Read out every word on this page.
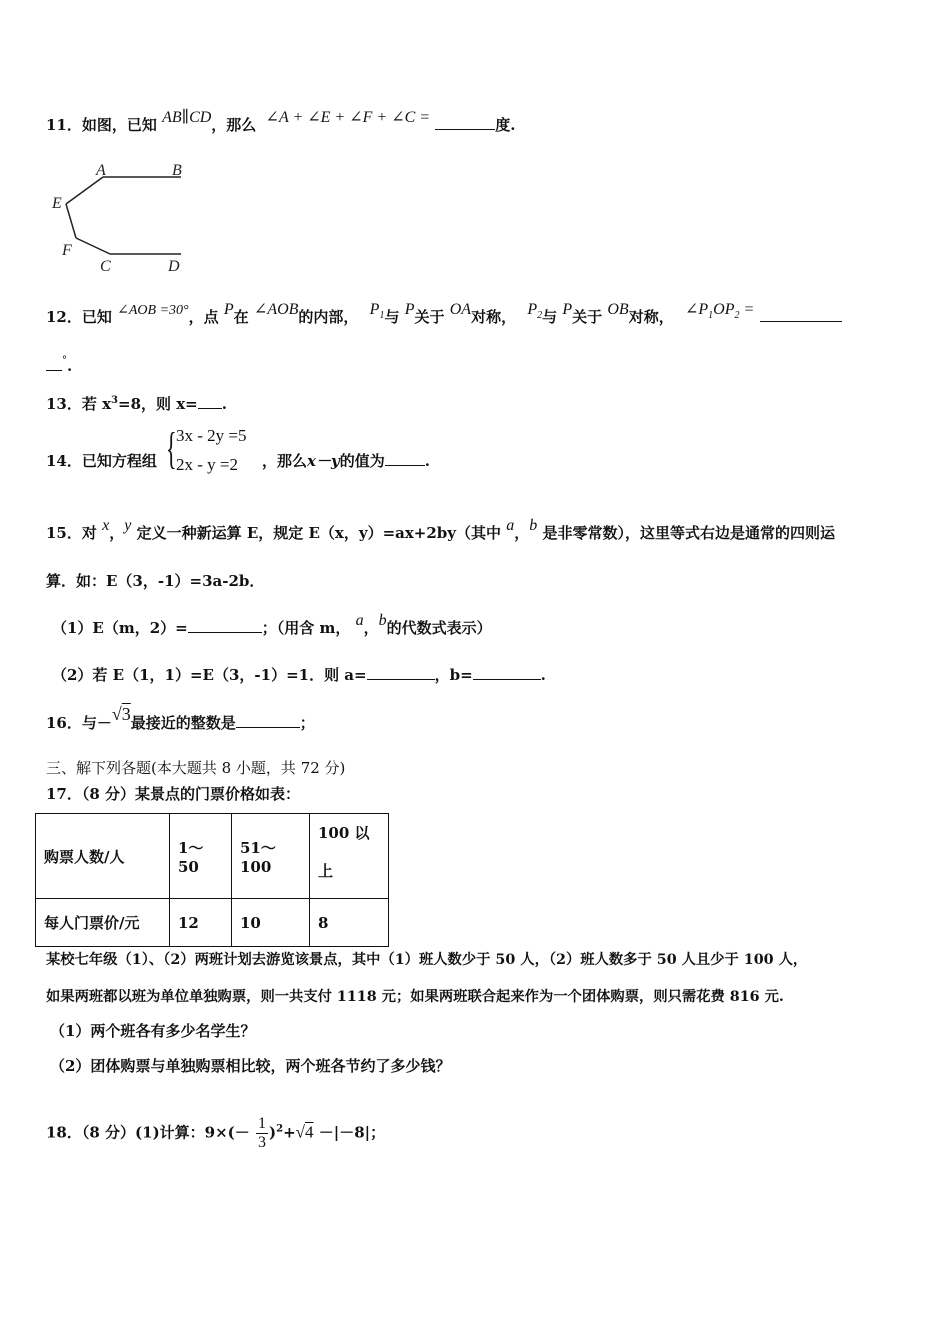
11．如图，已知 AB∥CD，那么 ∠A + ∠E + ∠F + ∠C =	度.
A	B
E
F
C	D
12．已知 ∠AOB =30°，点 P在 ∠AOB的内部， $P_1$与 P关于 OA对称， $P_2$与 P关于 OB对称， $\angle P_1OP_2$ =
°.
13．若 $x^3=8$，则 x= .
14．已知方程组 { 3x - 2y =5
2x - y =2 ，那么x－y的值为	.
15．对 x，y 定义一种新运算 E，规定 E（x，y）=ax+2by（其中 a，b 是非零常数），这里等式右边是通常的四则运
算．如：E（3，-1）=3a-2b．
（1）E（m，2）=	；（用含 m， a，b的代数式表示）
（2）若 E（1，1）=E（3，-1）=1．则 a=	，b=	.
16．与－√3最接近的整数是	；
三、解下列各题(本大题共 8 小题，共 72 分)
17．（8 分）某景点的门票价格如表：
购票人数/人	1～50	51～100	100 以
上

每人门票价/元	12	10	8
某校七年级（1）、（2）两班计划去游览该景点，其中（1）班人数少于 50 人，（2）班人数多于 50 人且少于 100 人，
如果两班都以班为单位单独购票，则一共支付 1118 元；如果两班联合起来作为一个团体购票，则只需花费 816 元.
（1）两个班各有多少名学生？
（2）团体购票与单独购票相比较，两个班各节约了多少钱？
18．（8 分）(1)计算：$9\times(- \frac{1}{3} )^2+√4 -|-8|$；
